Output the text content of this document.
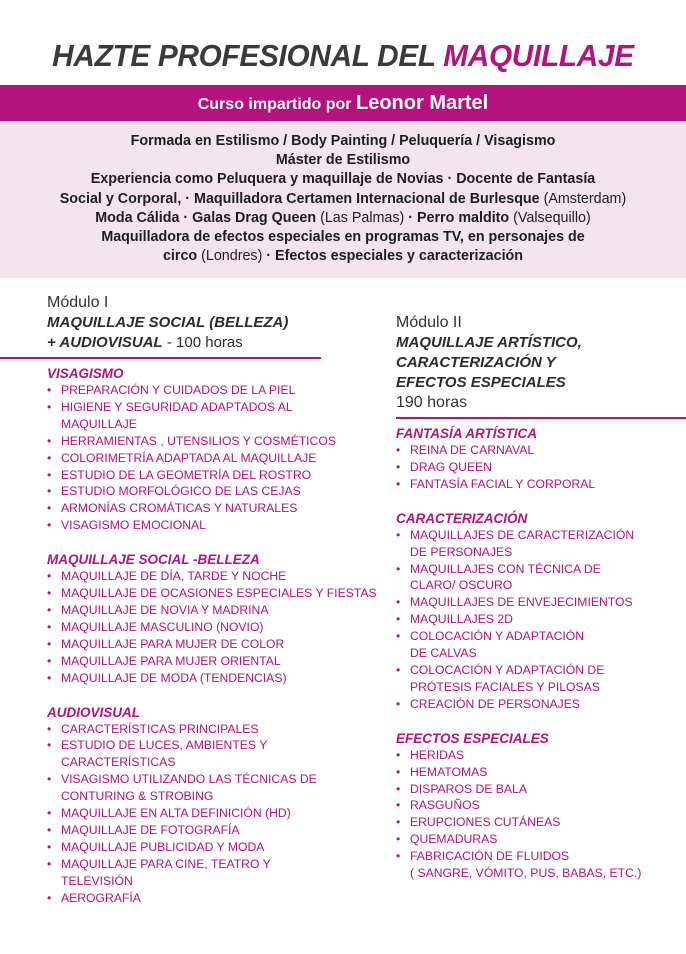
HAZTE PROFESIONAL DEL MAQUILLAJE
Curso impartido por Leonor Martel
Formada en Estilismo / Body Painting / Peluquería / Visagismo
Máster de Estilismo
Experiencia como Peluquera y maquillaje de Novias · Docente de Fantasía
Social y Corporal, · Maquilladora Certamen Internacional de Burlesque (Amsterdam)
Moda Cálida · Galas Drag Queen (Las Palmas) · Perro maldito (Valsequillo)
Maquilladora de efectos especiales en programas TV, en personajes de
circo (Londres) · Efectos especiales y caracterización
Módulo I
MAQUILLAJE SOCIAL (BELLEZA)
+ AUDIOVISUAL - 100 horas
VISAGISMO
• PREPARACIÓN Y CUIDADOS DE LA PIEL
• HIGIENE Y SEGURIDAD ADAPTADOS AL
MAQUILLAJE
• HERRAMIENTAS , UTENSILIOS Y COSMÉTICOS
• COLORIMETRÍA ADAPTADA AL MAQUILLAJE
• ESTUDIO DE LA GEOMETRÍA DEL ROSTRO
• ESTUDIO MORFOLÓGICO DE LAS CEJAS
• ARMONÍAS CROMÁTICAS Y NATURALES
• VISAGISMO EMOCIONAL
MAQUILLAJE SOCIAL -BELLEZA
• MAQUILLAJE DE DÍA, TARDE Y NOCHE
• MAQUILLAJE DE OCASIONES ESPECIALES Y FIESTAS
• MAQUILLAJE DE NOVIA Y MADRINA
• MAQUILLAJE MASCULINO (NOVIO)
• MAQUILLAJE PARA MUJER DE COLOR
• MAQUILLAJE PARA MUJER ORIENTAL
• MAQUILLAJE DE MODA (TENDENCIAS)
AUDIOVISUAL
• CARACTERÍSTICAS PRINCIPALES
• ESTUDIO DE LUCES, AMBIENTES Y
CARACTERÍSTICAS
• VISAGISMO UTILIZANDO LAS TÉCNICAS DE
CONTURING & STROBING
• MAQUILLAJE EN ALTA DEFINICIÓN (HD)
• MAQUILLAJE DE FOTOGRAFÍA
• MAQUILLAJE PUBLICIDAD Y MODA
• MAQUILLAJE PARA CINE, TEATRO Y
TELEVISIÓN
• AEROGRAFÍA
Módulo II
MAQUILLAJE ARTÍSTICO,
CARACTERIZACIÓN Y
EFECTOS ESPECIALES
190 horas
FANTASÍA ARTÍSTICA
• REINA DE CARNAVAL
• DRAG QUEEN
• FANTASÍA FACIAL Y CORPORAL
CARACTERIZACIÓN
• MAQUILLAJES DE CARACTERIZACIÓN
DE PERSONAJES
• MAQUILLAJES CON TÉCNICA DE
CLARO/ OSCURO
• MAQUILLAJES DE ENVEJECIMIENTOS
• MAQUILLAJES 2D
• COLOCACIÓN Y ADAPTACIÓN
DE CALVAS
• COLOCACIÓN Y ADAPTACIÓN DE
PRÓTESIS FACIALES Y PILOSAS
• CREACIÓN DE PERSONAJES
EFECTOS ESPECIALES
• HERIDAS
• HEMATOMAS
• DISPAROS DE BALA
• RASGUÑOS
• ERUPCIONES CUTÁNEAS
• QUEMADURAS
• FABRICACIÓN DE FLUIDOS
( SANGRE, VÓMITO, PUS, BABAS, ETC.)
